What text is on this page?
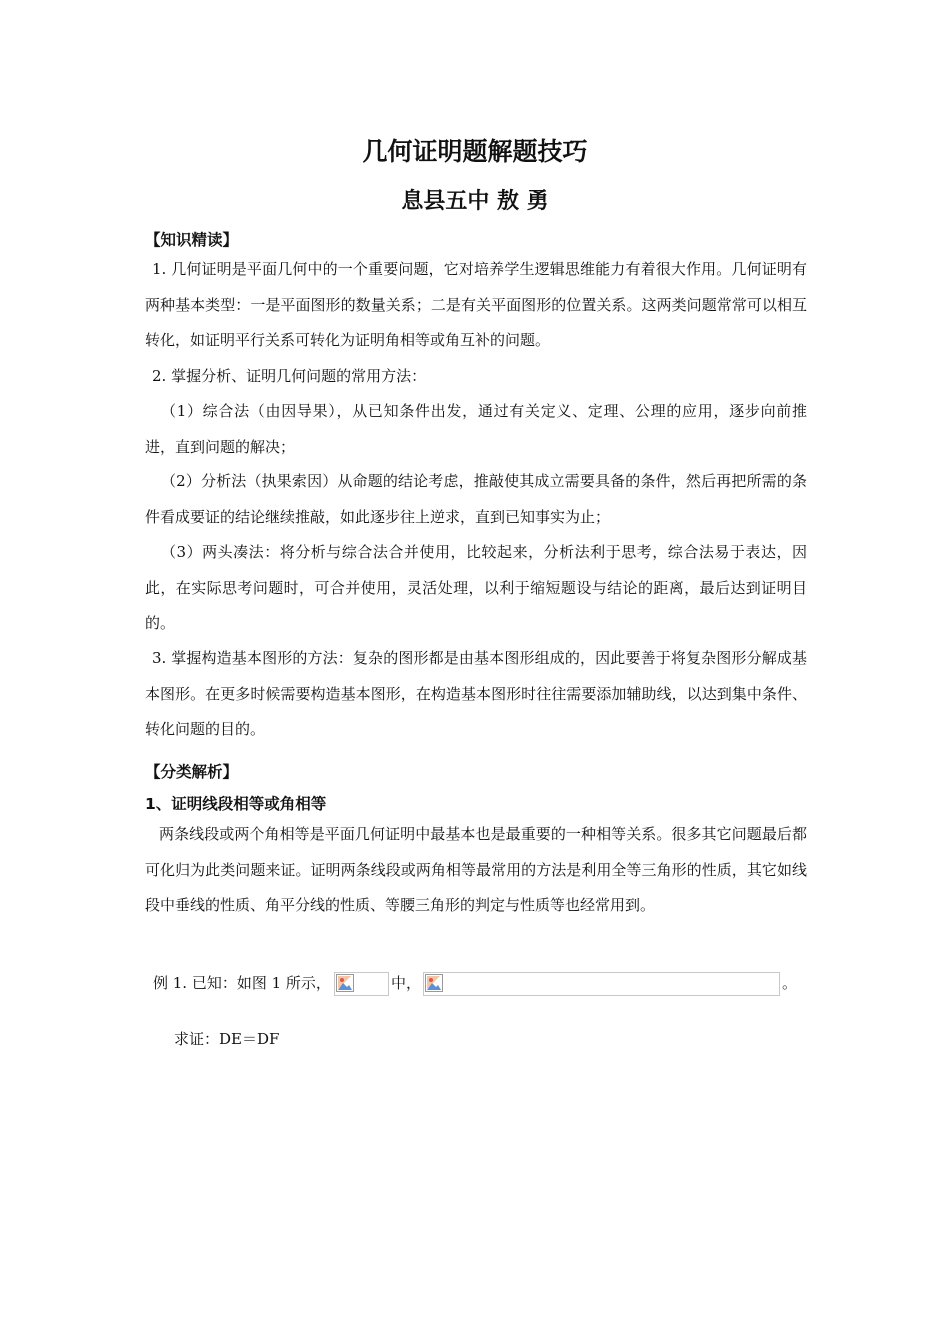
几何证明题解题技巧
息县五中 敖 勇
【知识精读】

1. 几何证明是平面几何中的一个重要问题，它对培养学生逻辑思维能力有着很大作用。几何证明有两种基本类型：一是平面图形的数量关系；二是有关平面图形的位置关系。这两类问题常常可以相互转化，如证明平行关系可转化为证明角相等或角互补的问题。

2. 掌握分析、证明几何问题的常用方法：

（1）综合法（由因导果），从已知条件出发，通过有关定义、定理、公理的应用，逐步向前推进，直到问题的解决；

（2）分析法（执果索因）从命题的结论考虑，推敲使其成立需要具备的条件，然后再把所需的条件看成要证的结论继续推敲，如此逐步往上逆求，直到已知事实为止；

（3）两头凑法：将分析与综合法合并使用，比较起来，分析法利于思考，综合法易于表达，因此，在实际思考问题时，可合并使用，灵活处理，以利于缩短题设与结论的距离，最后达到证明目的。

3. 掌握构造基本图形的方法：复杂的图形都是由基本图形组成的，因此要善于将复杂图形分解成基本图形。在更多时候需要构造基本图形，在构造基本图形时往往需要添加辅助线，以达到集中条件、转化问题的目的。

【分类解析】
1、证明线段相等或角相等

两条线段或两个角相等是平面几何证明中最基本也是最重要的一种相等关系。很多其它问题最后都可化归为此类问题来证。证明两条线段或两角相等最常用的方法是利用全等三角形的性质，其它如线段中垂线的性质、角平分线的性质、等腰三角形的判定与性质等也经常用到。

例 1. 已知：如图 1 所示，	中，	。
求证：DE＝DF
